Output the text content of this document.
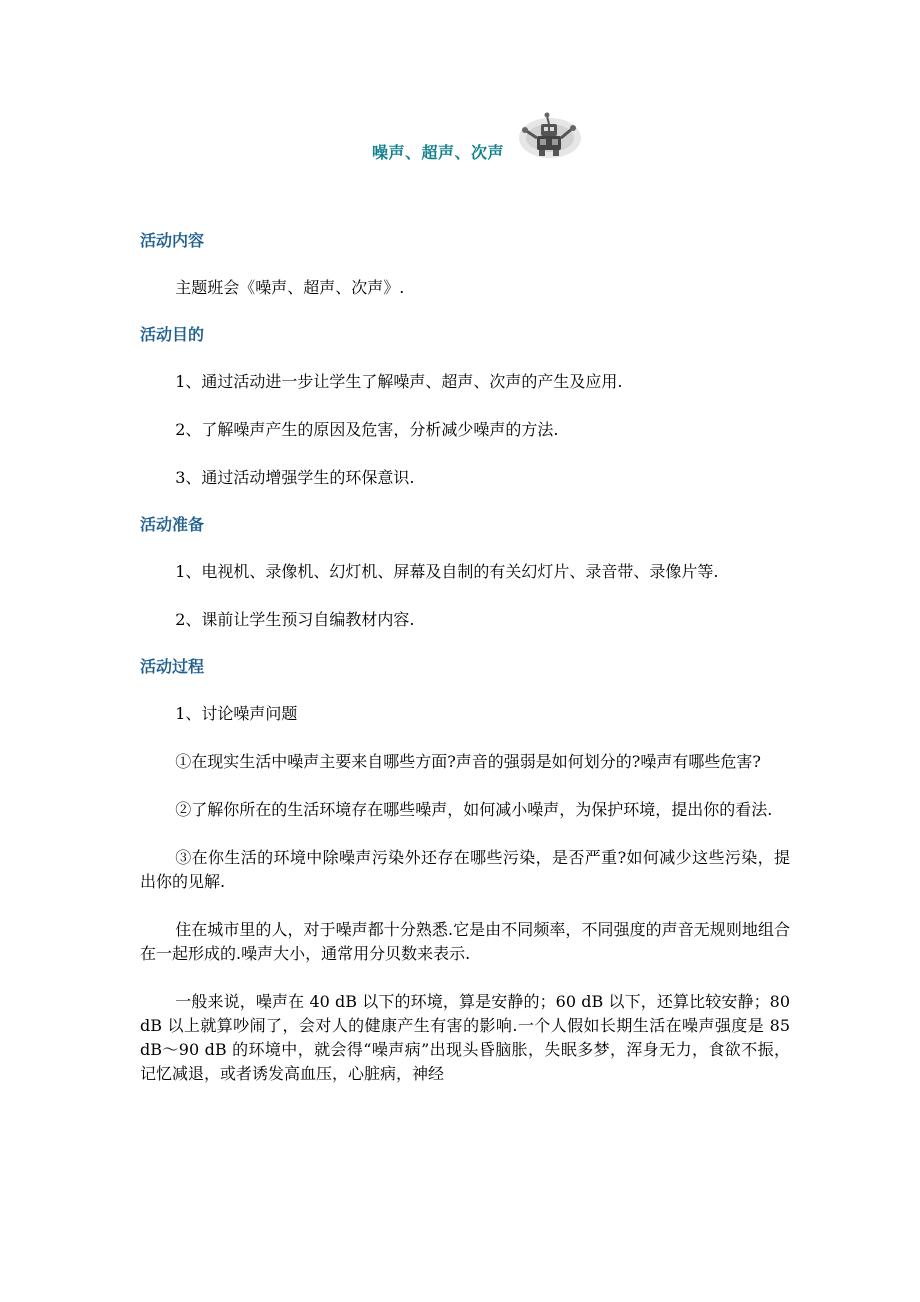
噪声、超声、次声
活动内容

主题班会《噪声、超声、次声》.

活动目的

1、通过活动进一步让学生了解噪声、超声、次声的产生及应用.

2、了解噪声产生的原因及危害，分析减少噪声的方法.

3、通过活动增强学生的环保意识.

活动准备

1、电视机、录像机、幻灯机、屏幕及自制的有关幻灯片、录音带、录像片等.

2、课前让学生预习自编教材内容.

活动过程

1、讨论噪声问题

①在现实生活中噪声主要来自哪些方面?声音的强弱是如何划分的?噪声有哪些危害?

②了解你所在的生活环境存在哪些噪声，如何减小噪声，为保护环境，提出你的看法.

③在你生活的环境中除噪声污染外还存在哪些污染，是否严重?如何减少这些污染，提出你的见解.

住在城市里的人，对于噪声都十分熟悉.它是由不同频率，不同强度的声音无规则地组合在一起形成的.噪声大小，通常用分贝数来表示.

一般来说，噪声在 40 dB 以下的环境，算是安静的；60 dB 以下，还算比较安静；80 dB 以上就算吵闹了，会对人的健康产生有害的影响.一个人假如长期生活在噪声强度是 85 dB～90 dB 的环境中，就会得“噪声病”出现头昏脑胀，失眠多梦，浑身无力，食欲不振，记忆减退，或者诱发高血压，心脏病，神经
